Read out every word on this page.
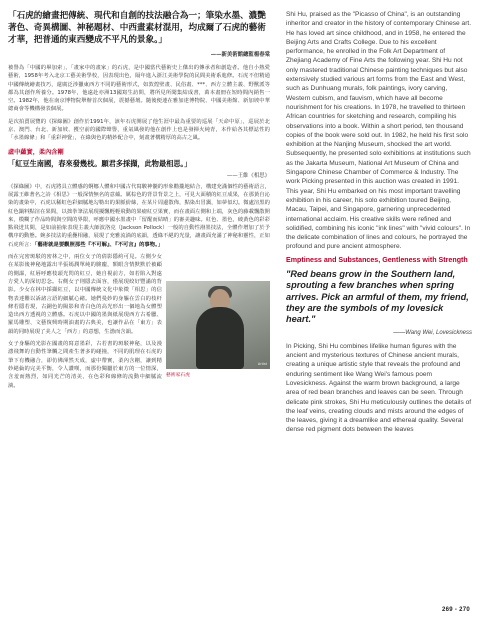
「石虎的繪畫把傳統、現代和自創的技法融合為一；筆染水墨、濃艷著色、奇異構圖、神秘題材、中西畫素材混用，均成爾了石虎的藝術才華，把普通的東西變成不平凡的景象。」

——新美術館總監楊春棠

被譽為「中國的畢加索」、「畫家中的畫家」的石虎，是中國當代藝術史上傑出的傳承者和創造者。他自小熱愛藝術，1958年考入北京工藝美術學校，因表現出色，隔年進入浙江美術學院的民間美術系進修。石虎不但精通中國傳統繪畫技巧，還廣泛涉獵東西方不同的藝術形式，如敦煌壁畫、民俗畫、***、西方立體主義、野獸派等都為其創作所養分。1978年，他遠赴亦洲13國寫生訪問，將所見所聞集結成書，萬本畫冊在短時間內銷售一空。1982年，他在南京博物院舉辦首次個展，震撼藝壇。隨後便連在雅加達博物院、中國美術館、新加坡中華總商會等機構發表個展。

是次拍賣展覽的《探綠圖》創作於1991年，該年石虎開展了他生涯中最為重要的巡展「天命中原」，巡展於北京、澳門、台北、新加坡、獲空前的國際聲譽，重氣風發的他在創作上也是發揮火純青，本作給各其標誌性的「水墨線條」和「重彩神覺」，在綠與色的精妙配合中，刻畫著構精厚的高古之風。

虛中蘊實，柔內含剛
「紅豆生南國，春來發幾枝。願君多採擷，此物最相思。」
——王維《相思》

《探綠圖》中，石虎將具立體感的婀娜人體和中國古代寫駿神髓的形象勸攏地結合，構建充滿個性的藝術語言，展露王維著名之詩《相思》一般深情無名的意蘊。厲棕色的背景背景之上，可見大面積的紅豆成果，在那黃自沁染的畫染中，石虎以稀虹色彩細膩地勾勒出的果脈紛絲，在某片周邊散佈，點染出冒靄，如夢似幻。微處渲黑的紅色鍋料點渲在果間，以拙拳筆法展現擾飄輕輕飛動的果瘤紅豆果實，而在畫面左側和上端，灰色的藤載飄散開來，模糊了作品時間與空間的界限，呼應中國水墨畫中「留醒而結晴」的審美趣味。紅色、墨色，破黃色的彩彩點飛迸其間，是如前抽象表現主義大師波洛克（Jackson Pollock）一般的自動性潑墨技法，全體作增加了於予構序的動態。婉多技法的重疊相融，展現了充雅流淌的底韻，透綠不絕的光量，讓畫面充滿了神秘和靈性，正如石虎所言：「藝術就是要觀照那些『不可解』、『不可言』的事物。」

而在完密斑駁的密林之中，兩位女子的倩影隱約可見。左側少女在某影後神秘地露出半張嫣潤單純的臉龐，額眼含情默默於被顧的側瀑，紅唇呼應枝頭光閃的紅豆，她自視前方，如若陷入對遠方愛人的深切思念。右側女子則隱去面容，僅展現絞好豐滿的背影。少女在林中採擷紅豆，以中國傳統文化中象徵「相思」的信物表達難以訴諸言語的細膩心緒。她們曼妙的身軀在雲白的枝杆條若隱若現，古銅色的陽影和青白色的高光形出一個地為女體塑造出西方透視的立體感。石虎以中國的墨與紙展現西方古希臘、羅馬雕塑、文藝復興時期油畫的古典美，也讓作品在「東方」表韻的同時展現了美人之「西方」的意想，生渤而含韻。

女子身驅的光影在國畫的寫意墨彩，古若書的斑駁神秘，以及漫漶飛舞的自動性筆觸之間產生著多的碰撞，不同的肌理在石虎的筆下有機融合，卻仿佛渾然天成，虛中帶實，柔內含剛，讓到精妙絕倫的完美平衡，令人讚嘆，而那份獨屬於東方的一位情深，含羞而熱烈，如同光芒的清美，在色彩和線條的流動中細膩流淌。

Artist
藝術家石虎

Shi Hu, praised as the "Picasso of China", is an outstanding inheritor and creator in the history of contemporary Chinese art. He has loved art since childhood, and in 1958, he entered the Beijing Arts and Crafts College. Due to his excellent performance, he enrolled in the Folk Art Department of Zhejiang Academy of Fine Arts the following year. Shi Hu not only mastered traditional Chinese painting techniques but also extensively studied various art forms from the East and West, such as Dunhuang murals, folk paintings, ivory carving, Western cubism, and fauvism, which have all become nourishment for his creations. In 1978, he travelled to thirteen African countries for sketching and research, compiling his observations into a book. Within a short period, ten thousand copies of the book were sold out. In 1982, he held his first solo exhibition at the Nanjing Museum, shocked the art world. Subsequently, he presented solo exhibitions at institutions such as the Jakarta Museum, National Art Museum of China and Singapore Chinese Chamber of Commerce & Industry. The work Picking presented in this auction was created in 1991. This year, Shi Hu embarked on his most important travelling exhibition in his career, his solo exhibition toured Beijing, Macau, Taipei, and Singapore, garnering unprecedented international acclaim. His creative skills were refined and solidified, combining his iconic "ink lines" with "vivid colours". In the delicate combination of lines and colours, he portrayed the profound and pure ancient atmosphere.

Emptiness and Substances, Gentleness with Strength

"Red beans grow in the Southern land, sprouting a few branches when spring arrives. Pick an armful of them, my friend, they are the symbols of my lovesick heart."

——Wang Wei, Lovesickness

In Picking, Shi Hu combines lifelike human figures with the ancient and mysterious textures of Chinese ancient murals, creating a unique artistic style that reveals the profound and enduring sentiment like Wang Wei's famous poem Lovesickness. Against the warm brown background, a large area of red bean branches and leaves can be seen. Through delicate pink strokes, Shi Hu meticulously outlines the details of the leaf veins, creating clouds and mists around the edges of the leaves, giving it a dreamlike and ethereal quality. Several dense red pigment dots between the leaves

269 - 270
